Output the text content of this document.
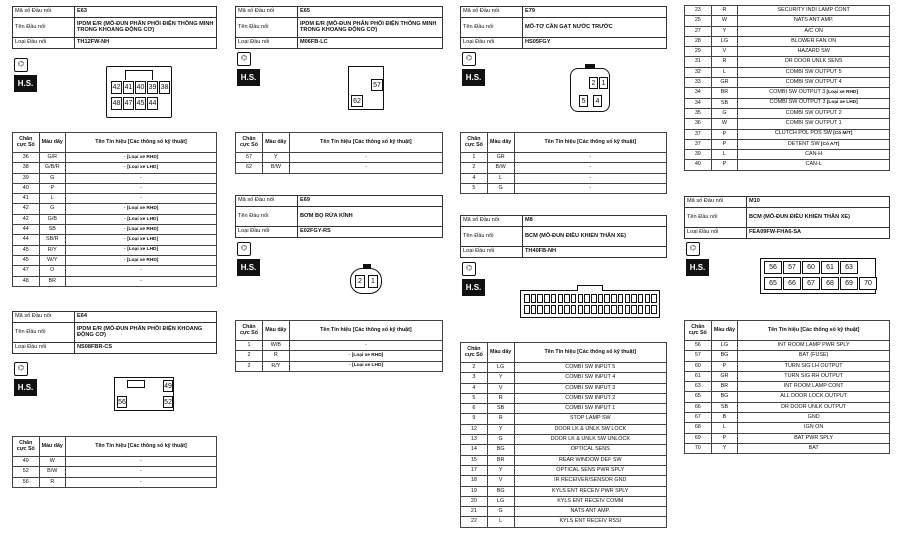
Mã số Đầu nối	E63
Tên Đầu nối	IPDM E/R (MÔ-ĐUN PHÂN PHỐI ĐIỆN THÔNG MINH TRONG KHOANG ĐỘNG CƠ)
Loại Đầu nối	TH12FW-NH
⌬
H.S.	42 41 40 39 38
48 47 45 44
Chân cực Số	Màu dây	Tên Tín hiệu [Các thông số kỹ thuật]
36	G/R	- [Loại xe RHD]
38	G/B/R	- [Loại xe LHD]
39	G	-
40	P	-
41	L	-
42	G	- [Loại xe RHD]
42	G/B	- [Loại xe LHD]
44	SB	- [Loại xe RHD]
44	SB/R	- [Loại xe LHD]
45	R/Y	- [Loại xe LHD]
45	W/Y	- [Loại xe RHD]
47	O	-
48	BR	-
Mã số Đầu nối	E64
Tên Đầu nối	IPDM E/R (MÔ-ĐUN PHÂN PHỐI ĐIỆN KHOANG ĐỘNG CƠ)
Loại Đầu nối	NS08FBR-CS
⌬
H.S.	49
56	52
Chân cực Số	Màu dây	Tên Tín hiệu [Các thông số kỹ thuật]
49	W	-
52	B/W	-
56	R	-
Mã số Đầu nối	E65
Tên Đầu nối	IPDM E/R (MÔ-ĐUN PHÂN PHỐI ĐIỆN THÔNG MINH TRONG KHOANG ĐỘNG CƠ)
Loại Đầu nối	M06FB-LC
⌬
H.S.
57
62
Chân cực Số	Màu dây	Tên Tín hiệu [Các thông số kỹ thuật]
57	Y	-
62	B/W	-
Mã số Đầu nối	E69
Tên Đầu nối	BƠM BỌ RỬA KÍNH
Loại Đầu nối	E02FGY-RS
⌬
H.S.
2	1
Chân cực Số	Màu dây	Tên Tín hiệu [Các thông số kỹ thuật]
1	W/B	-
2	R	- [Loại xe RHD]
2	R/Y	- [Loại xe LHD]
Mã số Đầu nối	E79
Tên Đầu nối	MÔ-TƠ CẦN GẠT NƯỚC TRƯỚC
Loại Đầu nối	HS05FGY
⌬
H.S.
2 1
5	4
Chân cực Số	Màu dây	Tên Tín hiệu [Các thông số kỹ thuật]
1	GR	-
2	B/W	-
4	L	-
5	G	-
Mã số Đầu nối	M8
Tên Đầu nối	BCM (MÔ-ĐUN ĐIỀU KHIỂN THÂN XE)
Loại Đầu nối	TH40FB-NH
⌬
H.S.
Chân cực Số	Màu dây	Tên Tín hiệu [Các thông số kỹ thuật]
2	LG	COMBI SW INPUT 5
3	Y	COMBI SW INPUT 4
4	V	COMBI SW INPUT 3
5	R	COMBI SW INPUT 2
6	SB	COMBI SW INPUT 1
9	R	STOP LAMP SW
12	Y	DOOR LK & UNLK SW LOCK
13	G	DOOR LK & UNLK SW UNLOCK
14	BG	OPTICAL SENS
15	BR	REAR WINDOW DEF SW
17	Y	OPTICAL SENS PWR SPLY
18	V	IR RECEIVER/SENSOR GND
19	BG	KYLS ENT RECEIV PWR SPLY
20	LG	KYLS ENT RECEIV COMM
21	G	NATS ANT AMP.
22	L	KYLS ENT RECEIV RSSI
23	R	SECURITY INDI LAMP CONT
25	W	NATS ANT AMP.
27	Y	A/C ON
28	LG	BLOWER FAN ON
29	V	HAZARD SW
31	R	DR DOOR UNLK SENS
32	L	COMBI SW OUTPUT 5
33	GR	COMBI SW OUTPUT 4
34	BR	COMBI SW OUTPUT 3 [Loại xe RHD]
34	SB	COMBI SW OUTPUT 3 [Loại xe LHD]
35	G	COMBI SW OUTPUT 2
36	W	COMBI SW OUTPUT 1
37	P	CLUTCH POL POS SW [Có M/T]
37	P	DETENT SW [Có A/T]
39	L	CAN-H
40	P	CAN-L
Mã số Đầu nối	M10
Tên Đầu nối	BCM (MÔ-ĐUN ĐIỀU KHIỂN THÂN XE)
Loại Đầu nối	FEA09FW-FHA6-SA
⌬
H.S.	56	57	60	61	63
65	66	67	68	69	70
Chân cực Số	Màu dây	Tên Tín hiệu [Các thông số kỹ thuật]
56	LG	INT ROOM LAMP PWR SPLY
57	BG	BAT (FUSE)
60	P	TURN SIG LH OUTPUT
61	GR	TURN SIG RH OUTPUT
63	BR	INT ROOM LAMP CONT
65	BG	ALL DOOR LOCK OUTPUT
66	SB	DR DOOR UNLK OUTPUT
67	B	GND
68	L	IGN ON
69	P	BAT PWR SPLY
70	Y	BAT
